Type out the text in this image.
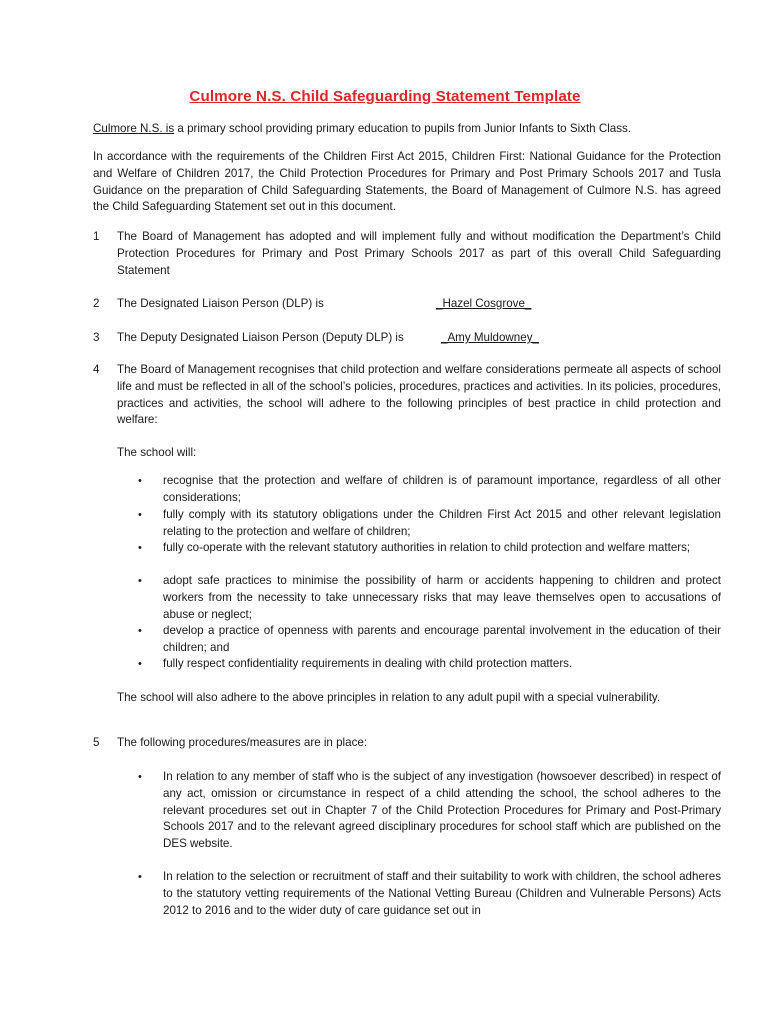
Culmore N.S. Child Safeguarding Statement Template
Culmore N.S. is a primary school providing primary education to pupils from Junior Infants to Sixth Class.
In accordance with the requirements of the Children First Act 2015, Children First: National Guidance for the Protection and Welfare of Children 2017, the Child Protection Procedures for Primary and Post Primary Schools 2017 and Tusla Guidance on the preparation of Child Safeguarding Statements, the Board of Management of Culmore N.S. has agreed the Child Safeguarding Statement set out in this document.
1	The Board of Management has adopted and will implement fully and without modification the Department’s Child Protection Procedures for Primary and Post Primary Schools 2017 as part of this overall Child Safeguarding Statement
2	The Designated Liaison Person (DLP) is	_Hazel Cosgrove_
3	The Deputy Designated Liaison Person (Deputy DLP) is	_Amy Muldowney_
4	The Board of Management recognises that child protection and welfare considerations permeate all aspects of school life and must be reflected in all of the school’s policies, procedures, practices and activities. In its policies, procedures, practices and activities, the school will adhere to the following principles of best practice in child protection and welfare:
The school will:
•	recognise that the protection and welfare of children is of paramount importance, regardless of all other considerations;
•	fully comply with its statutory obligations under the Children First Act 2015 and other relevant legislation relating to the protection and welfare of children;
•	fully co-operate with the relevant statutory authorities in relation to child protection and welfare matters;
•	adopt safe practices to minimise the possibility of harm or accidents happening to children and protect workers from the necessity to take unnecessary risks that may leave themselves open to accusations of abuse or neglect;
•	develop a practice of openness with parents and encourage parental involvement in the education of their children; and
•	fully respect confidentiality requirements in dealing with child protection matters.
The school will also adhere to the above principles in relation to any adult pupil with a special vulnerability.
5	The following procedures/measures are in place:
•	In relation to any member of staff who is the subject of any investigation (howsoever described) in respect of any act, omission or circumstance in respect of a child attending the school, the school adheres to the relevant procedures set out in Chapter 7 of the Child Protection Procedures for Primary and Post-Primary Schools 2017 and to the relevant agreed disciplinary procedures for school staff which are published on the DES website.
•	In relation to the selection or recruitment of staff and their suitability to work with children, the school adheres to the statutory vetting requirements of the National Vetting Bureau (Children and Vulnerable Persons) Acts 2012 to 2016 and to the wider duty of care guidance set out in
